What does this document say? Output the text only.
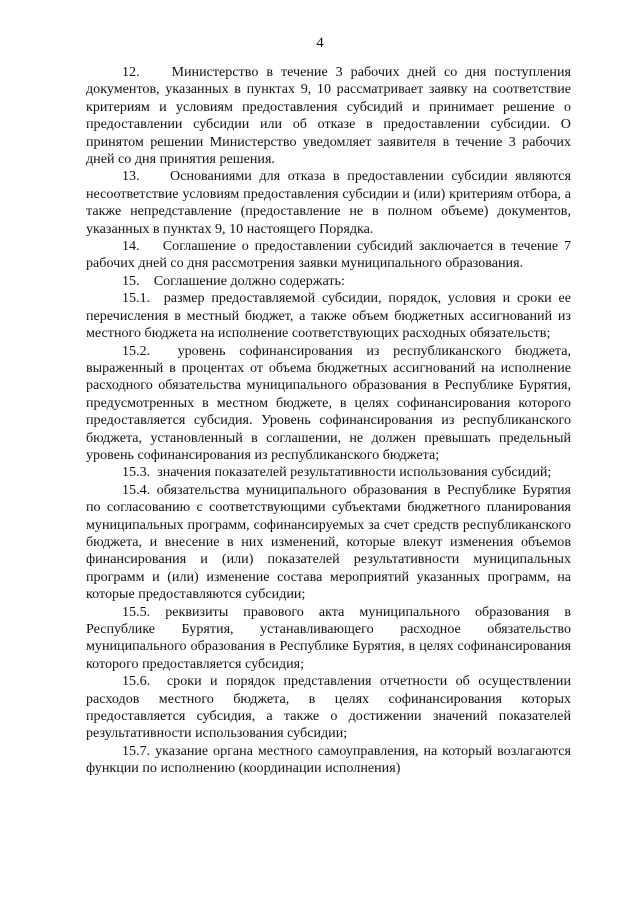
4

12.    Министерство в течение 3 рабочих дней со дня поступления документов, указанных в пунктах 9, 10 рассматривает заявку на соответствие критериям и условиям предоставления субсидий и принимает решение о предоставлении субсидии или об отказе в предоставлении субсидии. О принятом решении Министерство уведомляет заявителя в течение 3 рабочих дней со дня принятия решения.

13.    Основаниями для отказа в предоставлении субсидии являются несоответствие условиям предоставления субсидии и (или) критериям отбора, а также непредставление (предоставление не в полном объеме) документов, указанных в пунктах 9, 10 настоящего Порядка.

14.    Соглашение о предоставлении субсидий заключается в течение 7 рабочих дней со дня рассмотрения заявки муниципального образования.

15.    Соглашение должно содержать:

15.1.  размер предоставляемой субсидии, порядок, условия и сроки ее перечисления в местный бюджет, а также объем бюджетных ассигнований из местного бюджета на исполнение соответствующих расходных обязательств;

15.2.  уровень софинансирования из республиканского бюджета, выраженный в процентах от объема бюджетных ассигнований на исполнение расходного обязательства муниципального образования в Республике Бурятия, предусмотренных в местном бюджете, в целях софинансирования которого предоставляется субсидия. Уровень софинансирования из республиканского бюджета, установленный в соглашении, не должен превышать предельный уровень софинансирования из республиканского бюджета;

15.3.  значения показателей результативности использования субсидий;

15.4. обязательства муниципального образования в Республике Бурятия по согласованию с соответствующими субъектами бюджетного планирования муниципальных программ, софинансируемых за счет средств республиканского бюджета, и внесение в них изменений, которые влекут изменения объемов финансирования и (или) показателей результативности муниципальных программ и (или) изменение состава мероприятий указанных программ, на которые предоставляются субсидии;

15.5. реквизиты правового акта муниципального образования в Республике Бурятия, устанавливающего расходное обязательство муниципального образования в Республике Бурятия, в целях софинансирования которого предоставляется субсидия;

15.6.  сроки и порядок представления отчетности об осуществлении расходов местного бюджета, в целях софинансирования которых предоставляется субсидия, а также о достижении значений показателей результативности использования субсидии;

15.7. указание органа местного самоуправления, на который возлагаются функции по исполнению (координации исполнения)
